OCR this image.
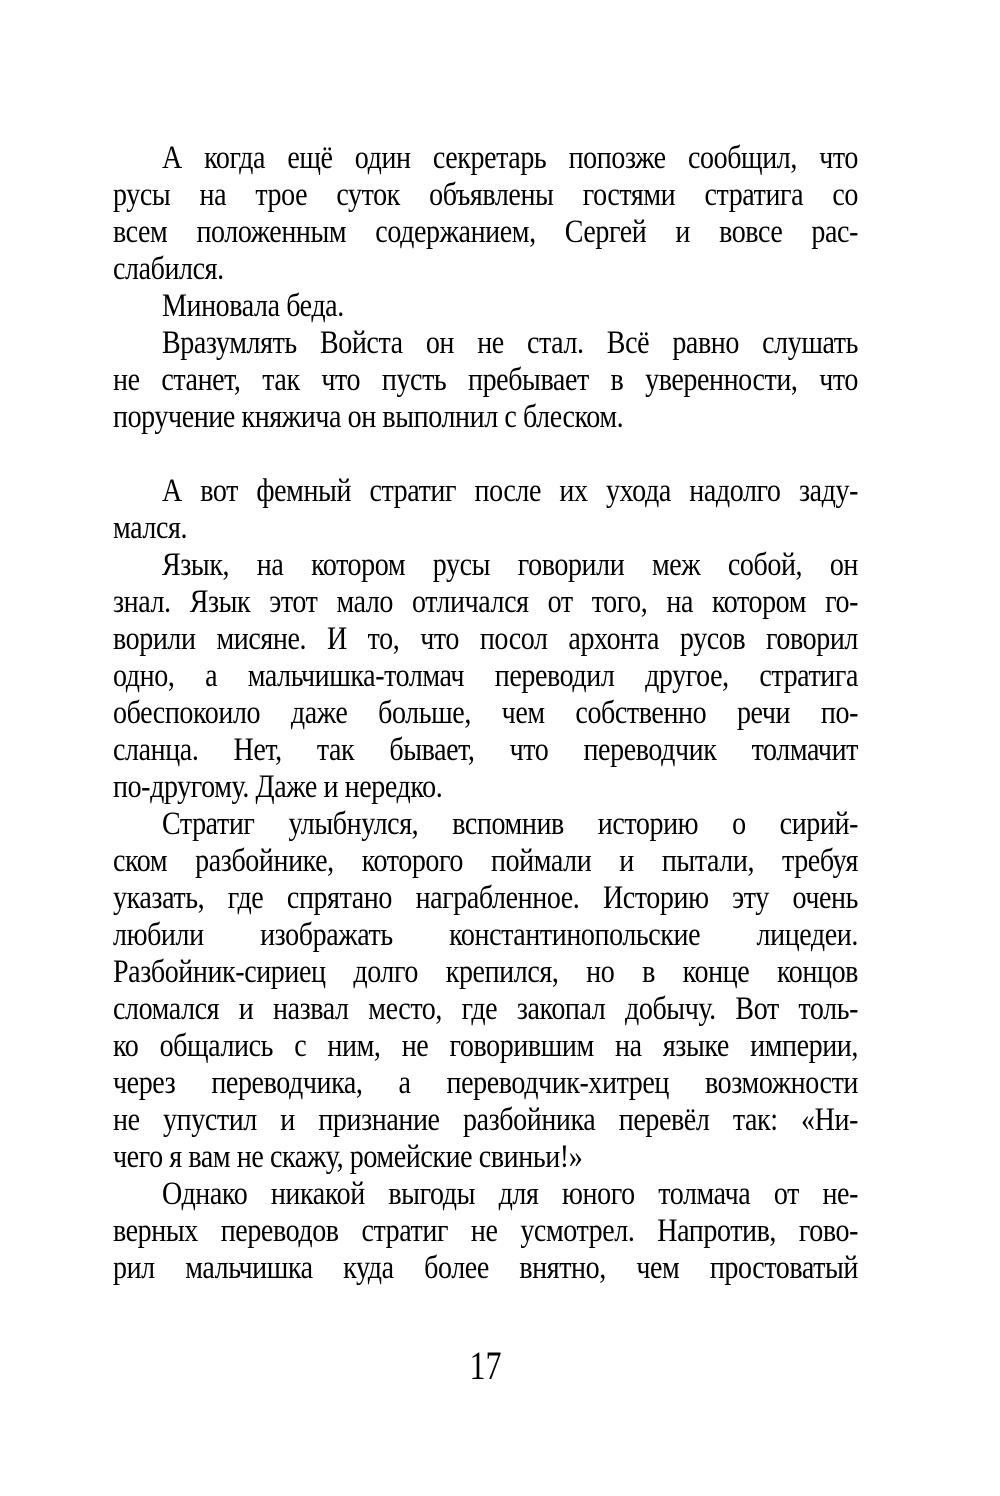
А когда ещё один секретарь попозже сообщил, что
русы на трое суток объявлены гостями стратига со
всем положенным содержанием, Сергей и вовсе рас-
слабился.
Миновала беда.
Вразумлять Войста он не стал. Всё равно слушать
не станет, так что пусть пребывает в уверенности, что
поручение княжича он выполнил с блеском.
А вот фемный стратиг после их ухода надолго заду-
мался.
Язык, на котором русы говорили меж собой, он
знал. Язык этот мало отличался от того, на котором го-
ворили мисяне. И то, что посол архонта русов говорил
одно, а мальчишка-толмач переводил другое, стратига
обеспокоило даже больше, чем собственно речи по-
сланца. Нет, так бывает, что переводчик толмачит
по-другому. Даже и нередко.
Стратиг улыбнулся, вспомнив историю о сирий-
ском разбойнике, которого поймали и пытали, требуя
указать, где спрятано награбленное. Историю эту очень
любили изображать константинопольские лицедеи.
Разбойник-сириец долго крепился, но в конце концов
сломался и назвал место, где закопал добычу. Вот толь-
ко общались с ним, не говорившим на языке империи,
через переводчика, а переводчик-хитрец возможности
не упустил и признание разбойника перевёл так: «Ни-
чего я вам не скажу, ромейские свиньи!»
Однако никакой выгоды для юного толмача от не-
верных переводов стратиг не усмотрел. Напротив, гово-
рил мальчишка куда более внятно, чем простоватый
17
